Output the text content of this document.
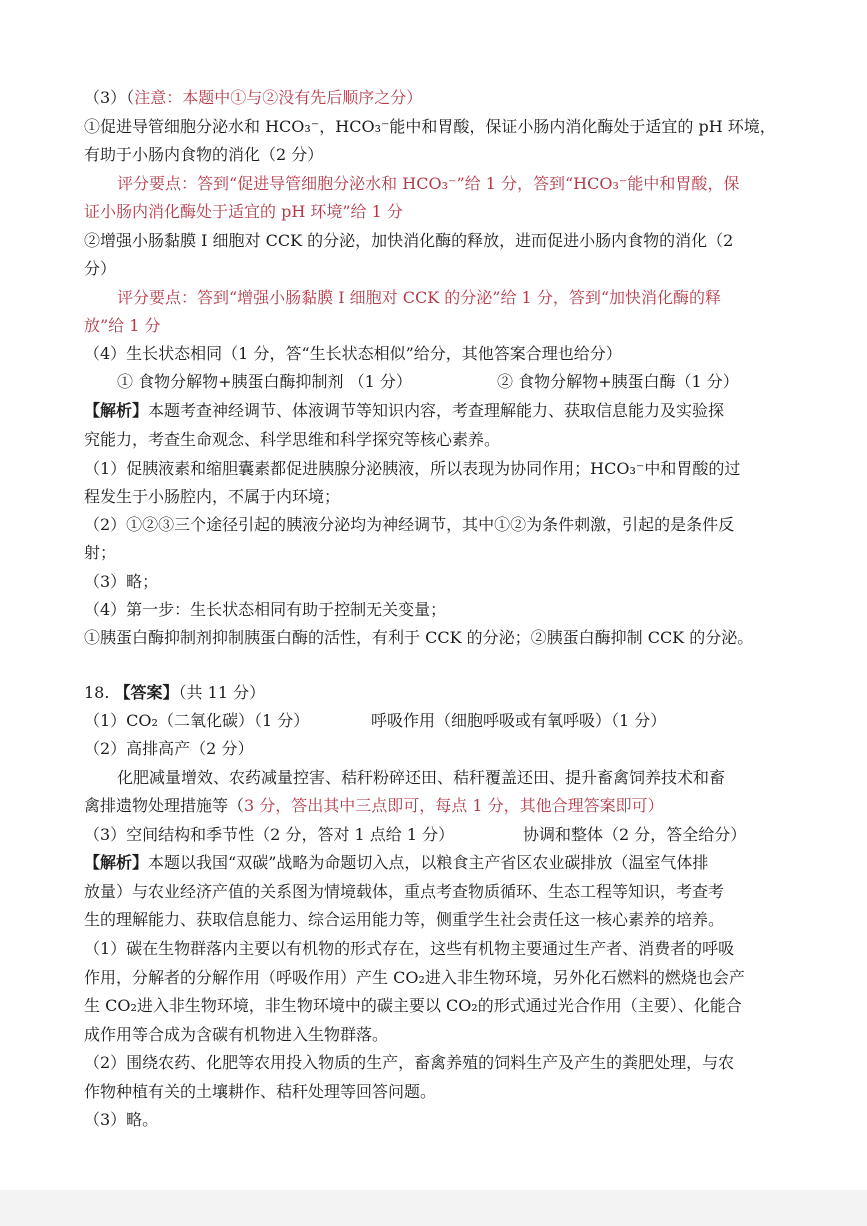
（3）（注意：本题中①与②没有先后顺序之分）
①促进导管细胞分泌水和 HCO₃⁻，HCO₃⁻能中和胃酸，保证小肠内消化酶处于适宜的 pH 环境，
有助于小肠内食物的消化（2 分）
评分要点：答到“促进导管细胞分泌水和 HCO₃⁻”给 1 分，答到“HCO₃⁻能中和胃酸，保
证小肠内消化酶处于适宜的 pH 环境”给 1 分
②增强小肠黏膜 I 细胞对 CCK 的分泌，加快消化酶的释放，进而促进小肠内食物的消化（2
分）
评分要点：答到“增强小肠黏膜 I 细胞对 CCK 的分泌”给 1 分，答到“加快消化酶的释
放”给 1 分
（4）生长状态相同（1 分，答“生长状态相似”给分，其他答案合理也给分）
① 食物分解物+胰蛋白酶抑制剂 （1 分）	② 食物分解物+胰蛋白酶（1 分）
【解析】本题考查神经调节、体液调节等知识内容，考查理解能力、获取信息能力及实验探
究能力，考查生命观念、科学思维和科学探究等核心素养。
（1）促胰液素和缩胆囊素都促进胰腺分泌胰液，所以表现为协同作用；HCO₃⁻中和胃酸的过
程发生于小肠腔内，不属于内环境；
（2）①②③三个途径引起的胰液分泌均为神经调节，其中①②为条件刺激，引起的是条件反
射；
（3）略；
（4）第一步：生长状态相同有助于控制无关变量；
①胰蛋白酶抑制剂抑制胰蛋白酶的活性，有利于 CCK 的分泌；②胰蛋白酶抑制 CCK 的分泌。
18. 【答案】（共 11 分）
（1）CO₂（二氧化碳）（1 分）	呼吸作用（细胞呼吸或有氧呼吸）（1 分）
（2）高排高产（2 分）
化肥减量增效、农药减量控害、秸秆粉碎还田、秸秆覆盖还田、提升畜禽饲养技术和畜
禽排遗物处理措施等（3 分，答出其中三点即可，每点 1 分，其他合理答案即可）
（3）空间结构和季节性（2 分，答对 1 点给 1 分）	协调和整体（2 分，答全给分）
【解析】本题以我国“双碳”战略为命题切入点，以粮食主产省区农业碳排放（温室气体排
放量）与农业经济产值的关系图为情境载体，重点考查物质循环、生态工程等知识，考查考
生的理解能力、获取信息能力、综合运用能力等，侧重学生社会责任这一核心素养的培养。
（1）碳在生物群落内主要以有机物的形式存在，这些有机物主要通过生产者、消费者的呼吸
作用，分解者的分解作用（呼吸作用）产生 CO₂进入非生物环境，另外化石燃料的燃烧也会产
生 CO₂进入非生物环境，非生物环境中的碳主要以 CO₂的形式通过光合作用（主要）、化能合
成作用等合成为含碳有机物进入生物群落。
（2）围绕农药、化肥等农用投入物质的生产，畜禽养殖的饲料生产及产生的粪肥处理，与农
作物种植有关的土壤耕作、秸秆处理等回答问题。
（3）略。
